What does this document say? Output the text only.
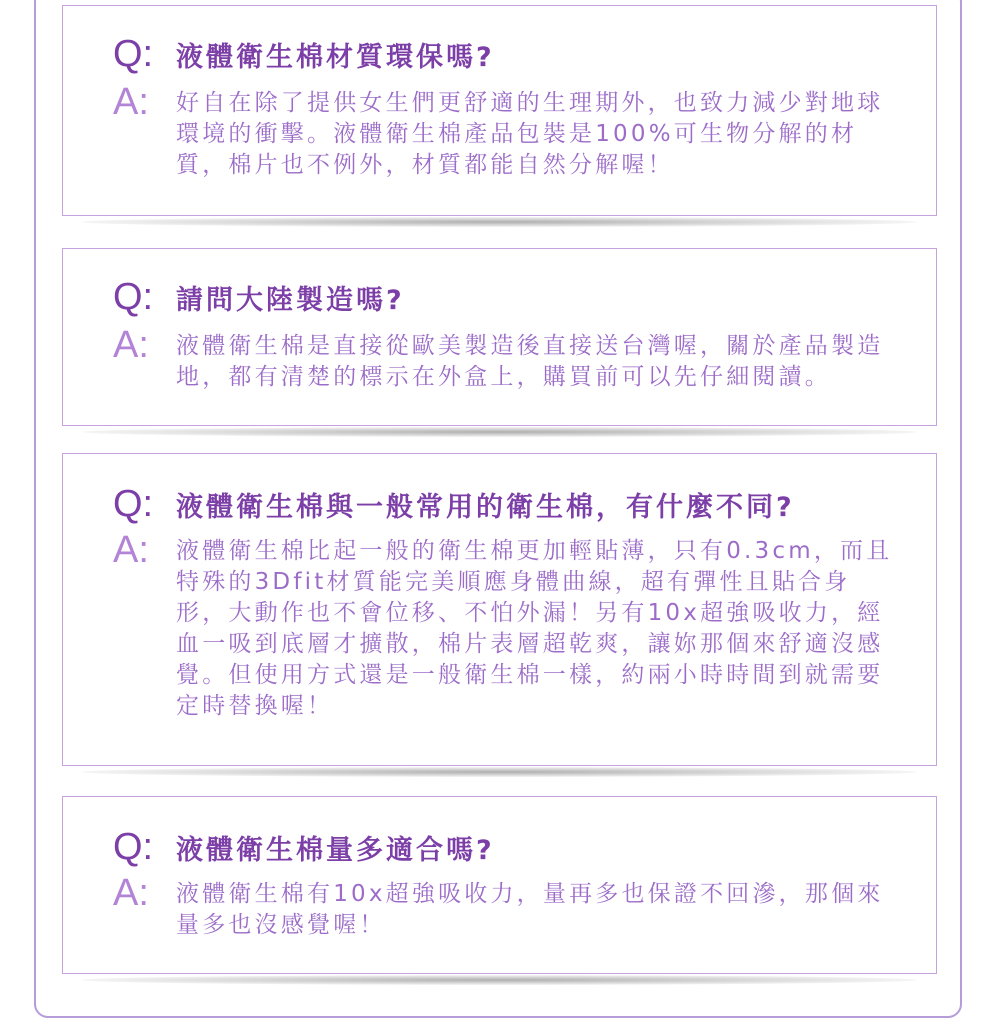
Q: 液體衛生棉材質環保嗎?
A:	好自在除了提供女生們更舒適的生理期外，也致力減少對地球環境的衝擊。液體衛生棉產品包裝是100%可生物分解的材質，棉片也不例外，材質都能自然分解喔！
Q: 請問大陸製造嗎?
A:	液體衛生棉是直接從歐美製造後直接送台灣喔，關於產品製造地，都有清楚的標示在外盒上，購買前可以先仔細閱讀。
Q: 液體衛生棉與一般常用的衛生棉，有什麼不同?
A:	液體衛生棉比起一般的衛生棉更加輕貼薄，只有0.3cm，而且特殊的3Dfit材質能完美順應身體曲線，超有彈性且貼合身形，大動作也不會位移、不怕外漏！另有10x超強吸收力，經血一吸到底層才擴散，棉片表層超乾爽，讓妳那個來舒適沒感覺。但使用方式還是一般衛生棉一樣，約兩小時時間到就需要定時替換喔！
Q: 液體衛生棉量多適合嗎?
A:	液體衛生棉有10x超強吸收力，量再多也保證不回滲，那個來量多也沒感覺喔！
